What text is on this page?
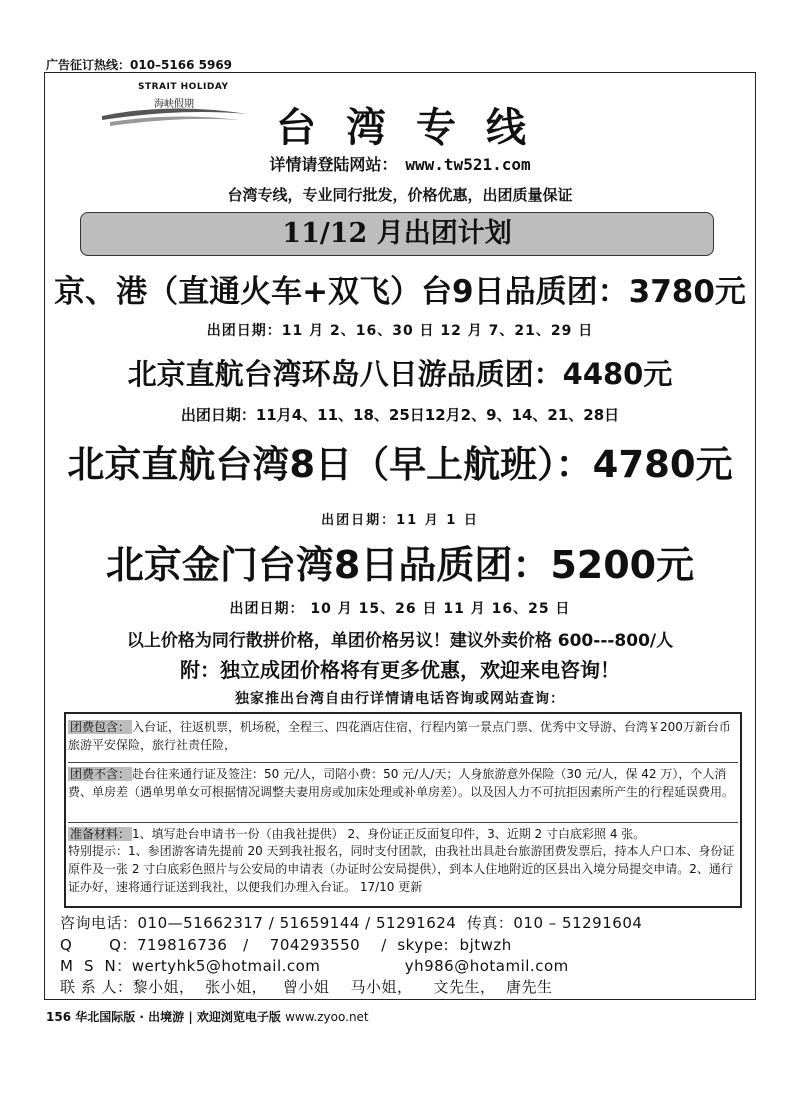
广告征订热线：010–5166 5969
STRAIT HOLIDAY
海峡假期 台湾专线
详情请登陆网站： www.tw521.com
台湾专线，专业同行批发，价格优惠，出团质量保证
11/12 月出团计划
京、港（直通火车+双飞）台9日品质团：3780元
出团日期：11 月 2、16、30 日 12 月 7、21、29 日
北京直航台湾环岛八日游品质团：4480元
出团日期：11月4、11、18、25日12月2、9、14、21、28日
北京直航台湾8日（早上航班）：4780元
出团日期：11 月 1 日
北京金门台湾8日品质团：5200元
出团日期： 10 月 15、26 日 11 月 16、25 日
以上价格为同行散拼价格，单团价格另议！建议外卖价格 600---800/人
附：独立成团价格将有更多优惠，欢迎来电咨询！
独家推出台湾自由行详情请电话咨询或网站查询：
团费包含： 入台证，往返机票，机场税，全程三、四花酒店住宿，行程内第一景点门票、优秀中文导游、台湾￥200万新台币旅游平安保险，旅行社责任险，
团费不含： 赴台往来通行证及签注：50 元/人，司陪小费：50 元/人/天；人身旅游意外保险（30 元/人，保 42 万），个人消费、单房差（遇单男单女可根据情况调整夫妻用房或加床处理或补单房差）。以及因人力不可抗拒因素所产生的行程延误费用。
准备材料： 1、填写赴台申请书一份（由我社提供） 2、身份证正反面复印件，3、近期 2 寸白底彩照 4 张。
特别提示：1、参团游客请先提前 20 天到我社报名，同时支付团款，由我社出具赴台旅游团费发票后，持本人户口本、身份证原件及一张 2 寸白底彩色照片与公安局的申请表（办证时公安局提供），到本人住地附近的区县出入境分局提交申请。2、通行证办好，速将通行证送到我社，以便我们办理入台证。 17/10 更新
咨询电话：010—51662317 / 51659144 / 51291624  传真：010 – 51291604
Q       Q：719816736   /    704293550    /  skype:  bjtwzh
M  S  N：wertyhk5@hotmail.com                yh986@hotamil.com
联 系 人：黎小姐，  张小姐，   曾小姐    马小姐，    文先生，  唐先生
156 华北国际版 · 出境游 | 欢迎浏览电子版 www.zyoo.net
